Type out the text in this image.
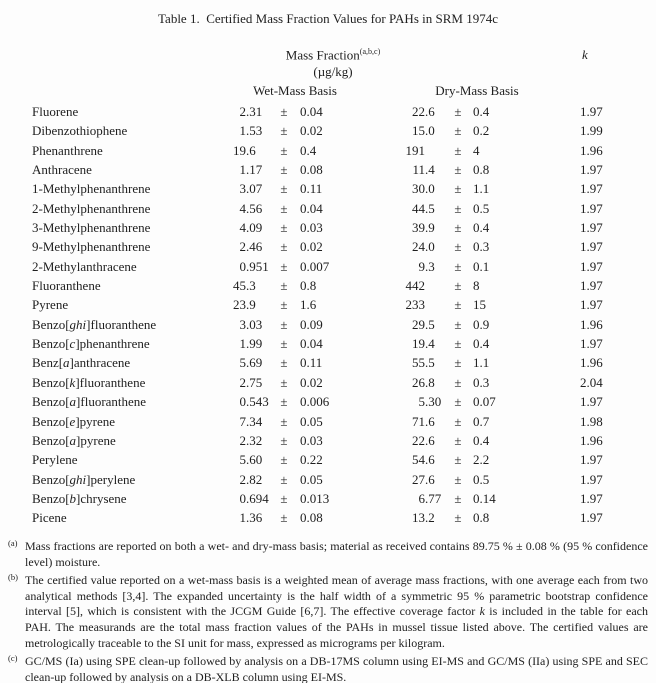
Table 1.  Certified Mass Fraction Values for PAHs in SRM 1974c
Mass Fraction$^{(a,b,c)}$
(µg/kg)
k
Wet-Mass Basis	Dry-Mass Basis
Fluorene	2 .31	± 0.04	22 .6	± 0.4	1.97
Dibenzothiophene	1 .53	± 0.02	15 .0	± 0.2	1.99
Phenanthrene	19 .6	± 0.4	191 ± 4	1.96
Anthracene	1 .17	± 0.08	11 .4	± 0.8	1.97
1-Methylphenanthrene	3 .07	± 0.11	30 .0	± 1.1	1.97
2-Methylphenanthrene	4 .56	± 0.04	44 .5	± 0.5	1.97
3-Methylphenanthrene	4 .09	± 0.03	39 .9	± 0.4	1.97
9-Methylphenanthrene	2 .46	± 0.02	24 .0	± 0.3	1.97
2-Methylanthracene	0 .951 ± 0.007	9 .3	± 0.1	1.97
Fluoranthene	45 .3	± 0.8	442 ± 8	1.97
Pyrene	23 .9	± 1.6	233 ± 15	1.97
Benzo[ghi]fluoranthene	3 .03	± 0.09	29 .5	± 0.9	1.96
Benzo[c]phenanthrene	1 .99	± 0.04	19 .4	± 0.4	1.97
Benz[a]anthracene	5 .69	± 0.11	55 .5	± 1.1	1.96
Benzo[k]fluoranthene	2 .75	± 0.02	26 .8	± 0.3	2.04
Benzo[a]fluoranthene	0 .543 ± 0.006	5 .30	± 0.07	1.97
Benzo[e]pyrene	7 .34	± 0.05	71 .6	± 0.7	1.98
Benzo[a]pyrene	2 .32	± 0.03	22 .6	± 0.4	1.96
Perylene	5 .60	± 0.22	54 .6	± 2.2	1.97
Benzo[ghi]perylene	2 .82	± 0.05	27 .6	± 0.5	1.97
Benzo[b]chrysene	0 .694 ± 0.013	6 .77	± 0.14	1.97
Picene	1 .36	± 0.08	13 .2	± 0.8	1.97
(a) Mass fractions are reported on both a wet- and dry-mass basis; material as received contains 89.75 % ± 0.08 % (95 % confidence level) moisture.
(b) The certified value reported on a wet-mass basis is a weighted mean of average mass fractions, with one average each from two analytical methods [3,4]. The expanded uncertainty is the half width of a symmetric 95 % parametric bootstrap confidence interval [5], which is consistent with the JCGM Guide [6,7]. The effective coverage factor k is included in the table for each PAH. The measurands are the total mass fraction values of the PAHs in mussel tissue listed above. The certified values are metrologically traceable to the SI unit for mass, expressed as micrograms per kilogram.
(c) GC/MS (Ia) using SPE clean-up followed by analysis on a DB-17MS column using EI-MS and GC/MS (IIa) using SPE and SEC clean-up followed by analysis on a DB-XLB column using EI-MS.
